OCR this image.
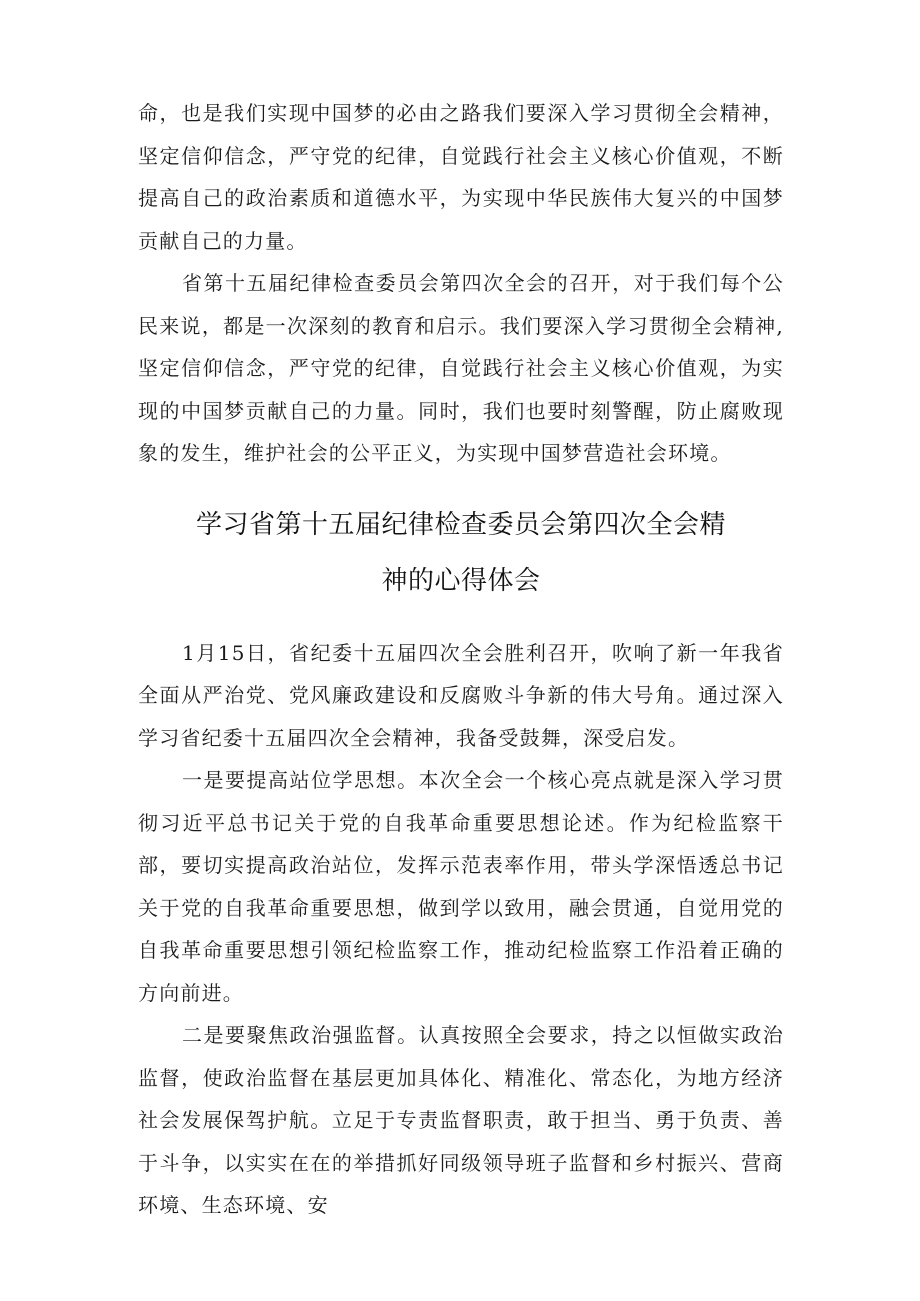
命，也是我们实现中国梦的必由之路我们要深入学习贯彻全会精神，坚定信仰信念，严守党的纪律，自觉践行社会主义核心价值观，不断提高自己的政治素质和道德水平，为实现中华民族伟大复兴的中国梦贡献自己的力量。

省第十五届纪律检查委员会第四次全会的召开，对于我们每个公民来说，都是一次深刻的教育和启示。我们要深入学习贯彻全会精神,坚定信仰信念，严守党的纪律，自觉践行社会主义核心价值观，为实现的中国梦贡献自己的力量。同时，我们也要时刻警醒，防止腐败现象的发生，维护社会的公平正义，为实现中国梦营造社会环境。

学习省第十五届纪律检查委员会第四次全会精

神的心得体会

1月15日，省纪委十五届四次全会胜利召开，吹响了新一年我省全面从严治党、党风廉政建设和反腐败斗争新的伟大号角。通过深入学习省纪委十五届四次全会精神，我备受鼓舞，深受启发。

一是要提高站位学思想。本次全会一个核心亮点就是深入学习贯彻习近平总书记关于党的自我革命重要思想论述。作为纪检监察干部，要切实提高政治站位，发挥示范表率作用，带头学深悟透总书记关于党的自我革命重要思想，做到学以致用，融会贯通，自觉用党的自我革命重要思想引领纪检监察工作，推动纪检监察工作沿着正确的方向前进。

二是要聚焦政治强监督。认真按照全会要求，持之以恒做实政治监督，使政治监督在基层更加具体化、精准化、常态化，为地方经济社会发展保驾护航。立足于专责监督职责，敢于担当、勇于负责、善于斗争，以实实在在的举措抓好同级领导班子监督和乡村振兴、营商环境、生态环境、安
